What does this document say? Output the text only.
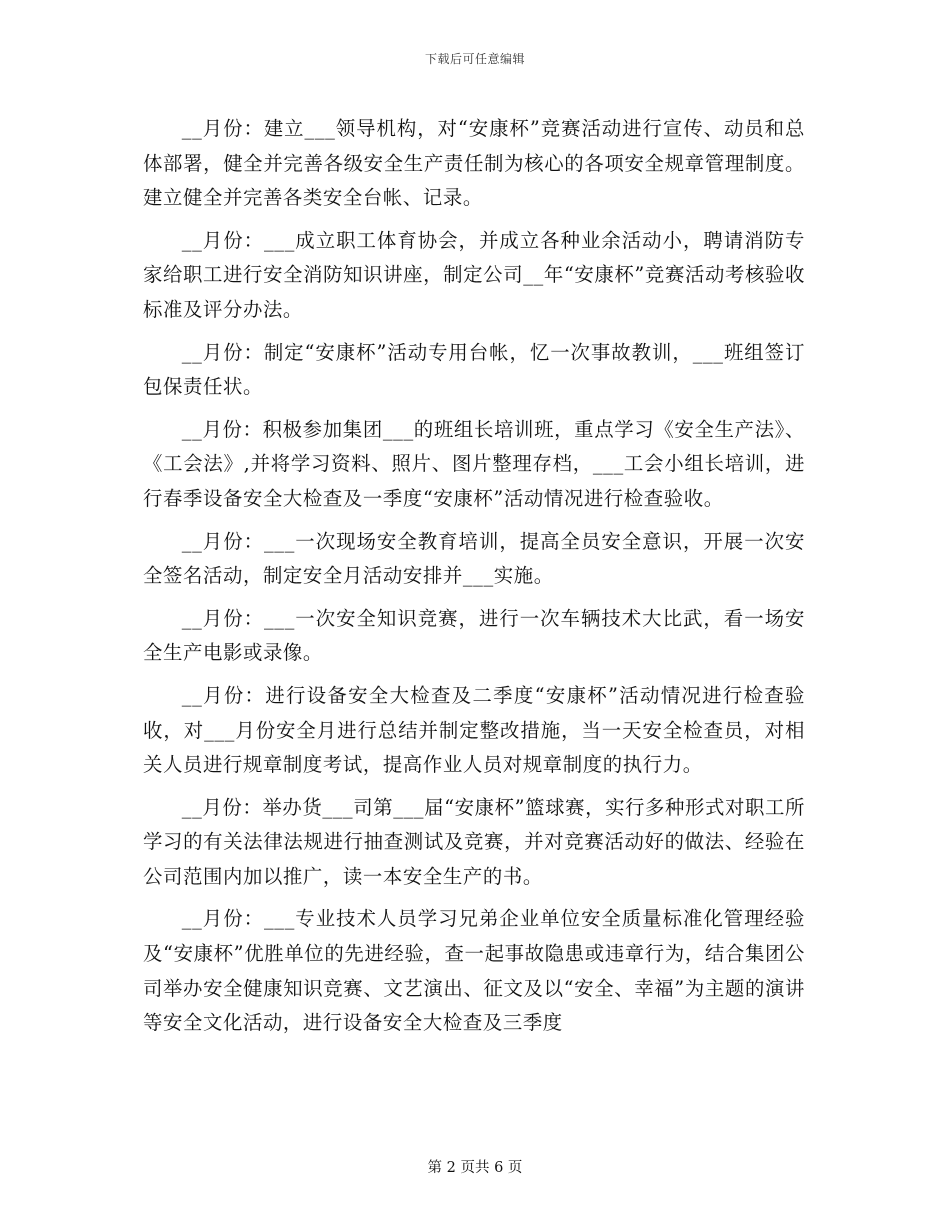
下载后可任意编辑

__月份：建立___领导机构，对“安康杯”竞赛活动进行宣传、动员和总体部署，健全并完善各级安全生产责任制为核心的各项安全规章管理制度。建立健全并完善各类安全台帐、记录。

__月份：___成立职工体育协会，并成立各种业余活动小，聘请消防专家给职工进行安全消防知识讲座，制定公司__年“安康杯”竞赛活动考核验收标准及评分办法。

__月份：制定“安康杯”活动专用台帐，忆一次事故教训，___班组签订包保责任状。

__月份：积极参加集团___的班组长培训班，重点学习《安全生产法》、《工会法》,并将学习资料、照片、图片整理存档，___工会小组长培训，进行春季设备安全大检查及一季度“安康杯”活动情况进行检查验收。

__月份：___一次现场安全教育培训，提高全员安全意识，开展一次安全签名活动，制定安全月活动安排并___实施。

__月份：___一次安全知识竞赛，进行一次车辆技术大比武，看一场安全生产电影或录像。

__月份：进行设备安全大检查及二季度“安康杯”活动情况进行检查验收，对___月份安全月进行总结并制定整改措施，当一天安全检查员，对相关人员进行规章制度考试，提高作业人员对规章制度的执行力。

__月份：举办货___司第___届“安康杯”篮球赛，实行多种形式对职工所学习的有关法律法规进行抽查测试及竞赛，并对竞赛活动好的做法、经验在公司范围内加以推广，读一本安全生产的书。

__月份：___专业技术人员学习兄弟企业单位安全质量标准化管理经验及“安康杯”优胜单位的先进经验，查一起事故隐患或违章行为，结合集团公司举办安全健康知识竞赛、文艺演出、征文及以“安全、幸福”为主题的演讲等安全文化活动，进行设备安全大检查及三季度

第 2 页共 6 页
